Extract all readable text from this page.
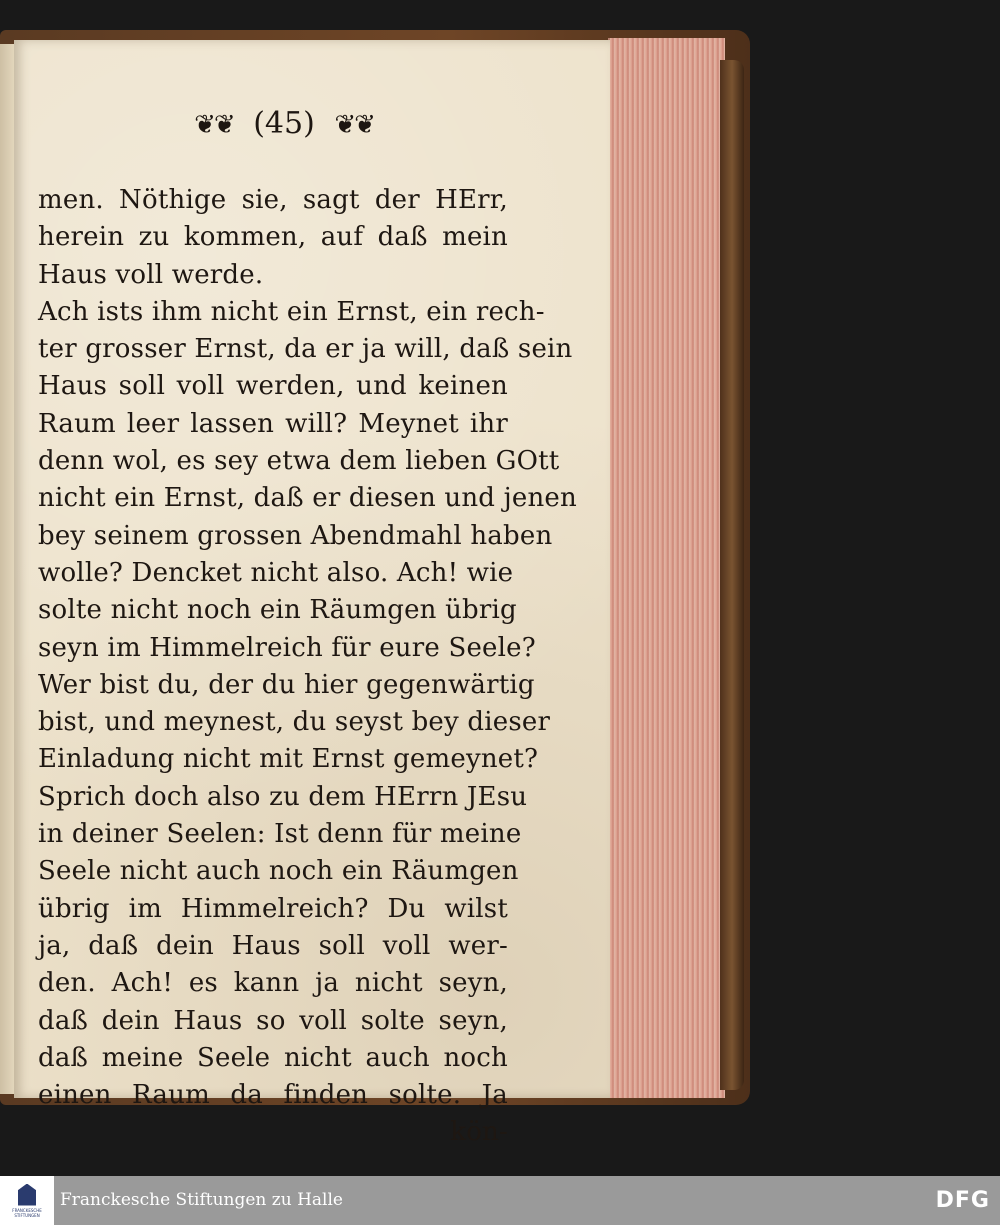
❦❦ (45) ❦❦
men. Nöthige sie, sagt der HErr,
herein zu kommen, auf daß mein
Haus voll werde.
Ach ists ihm nicht ein Ernst, ein rech-
ter grosser Ernst, da er ja will, daß sein
Haus soll voll werden, und keinen
Raum leer lassen will? Meynet ihr
denn wol, es sey etwa dem lieben GOtt
nicht ein Ernst, daß er diesen und jenen
bey seinem grossen Abendmahl haben
wolle? Dencket nicht also. Ach! wie
solte nicht noch ein Räumgen übrig
seyn im Himmelreich für eure Seele?
Wer bist du, der du hier gegenwärtig
bist, und meynest, du seyst bey dieser
Einladung nicht mit Ernst gemeynet?
Sprich doch also zu dem HErrn JEsu
in deiner Seelen: Ist denn für meine
Seele nicht auch noch ein Räumgen
übrig im Himmelreich? Du wilst
ja, daß dein Haus soll voll wer-
den. Ach! es kann ja nicht seyn,
daß dein Haus so voll solte seyn,
daß meine Seele nicht auch noch
einen Raum da finden solte. Ja
kön-
FRANCKESCHE STIFTUNGEN
Franckesche Stiftungen zu Halle	DFG
